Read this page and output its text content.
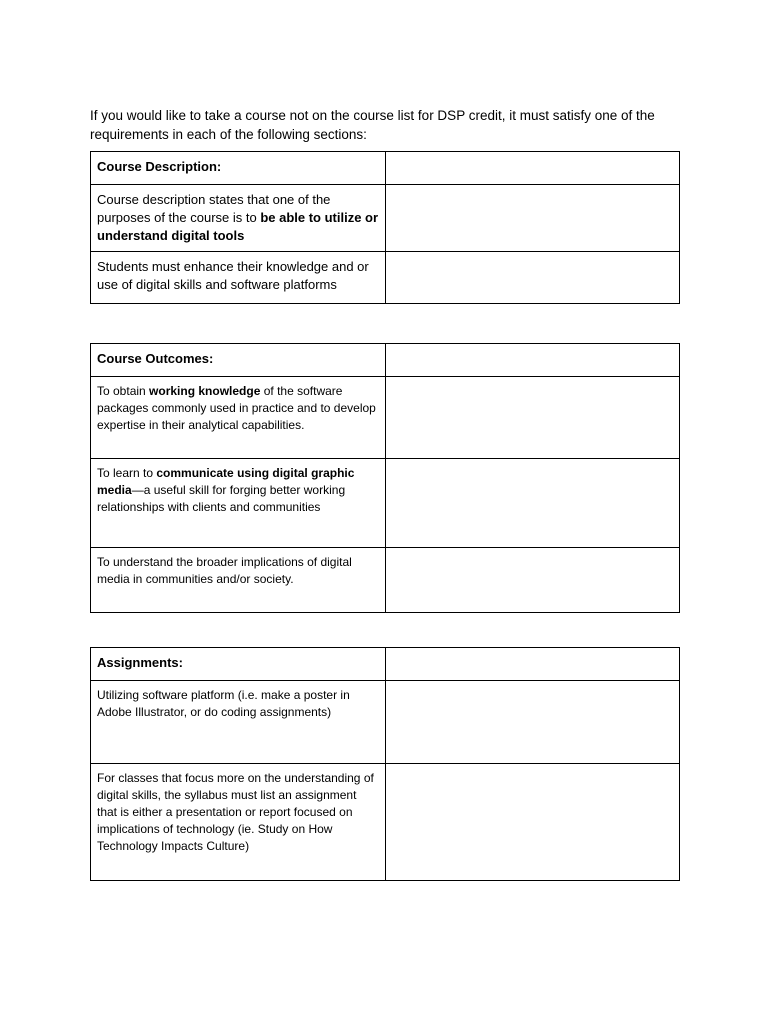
If you would like to take a course not on the course list for DSP credit, it must satisfy one of the requirements in each of the following sections:

Course Description:	
Course description states that one of the purposes of the course is to be able to utilize or understand digital tools	
Students must enhance their knowledge and or use of digital skills and software platforms	
Course Outcomes:	
To obtain working knowledge of the software packages commonly used in practice and to develop expertise in their analytical capabilities.	
To learn to communicate using digital graphic media—a useful skill for forging better working relationships with clients and communities	
To understand the broader implications of digital media in communities and/or society.	
Assignments:	
Utilizing software platform (i.e. make a poster in Adobe Illustrator, or do coding assignments)	
For classes that focus more on the understanding of digital skills, the syllabus must list an assignment that is either a presentation or report focused on implications of technology (ie. Study on How Technology Impacts Culture)	
